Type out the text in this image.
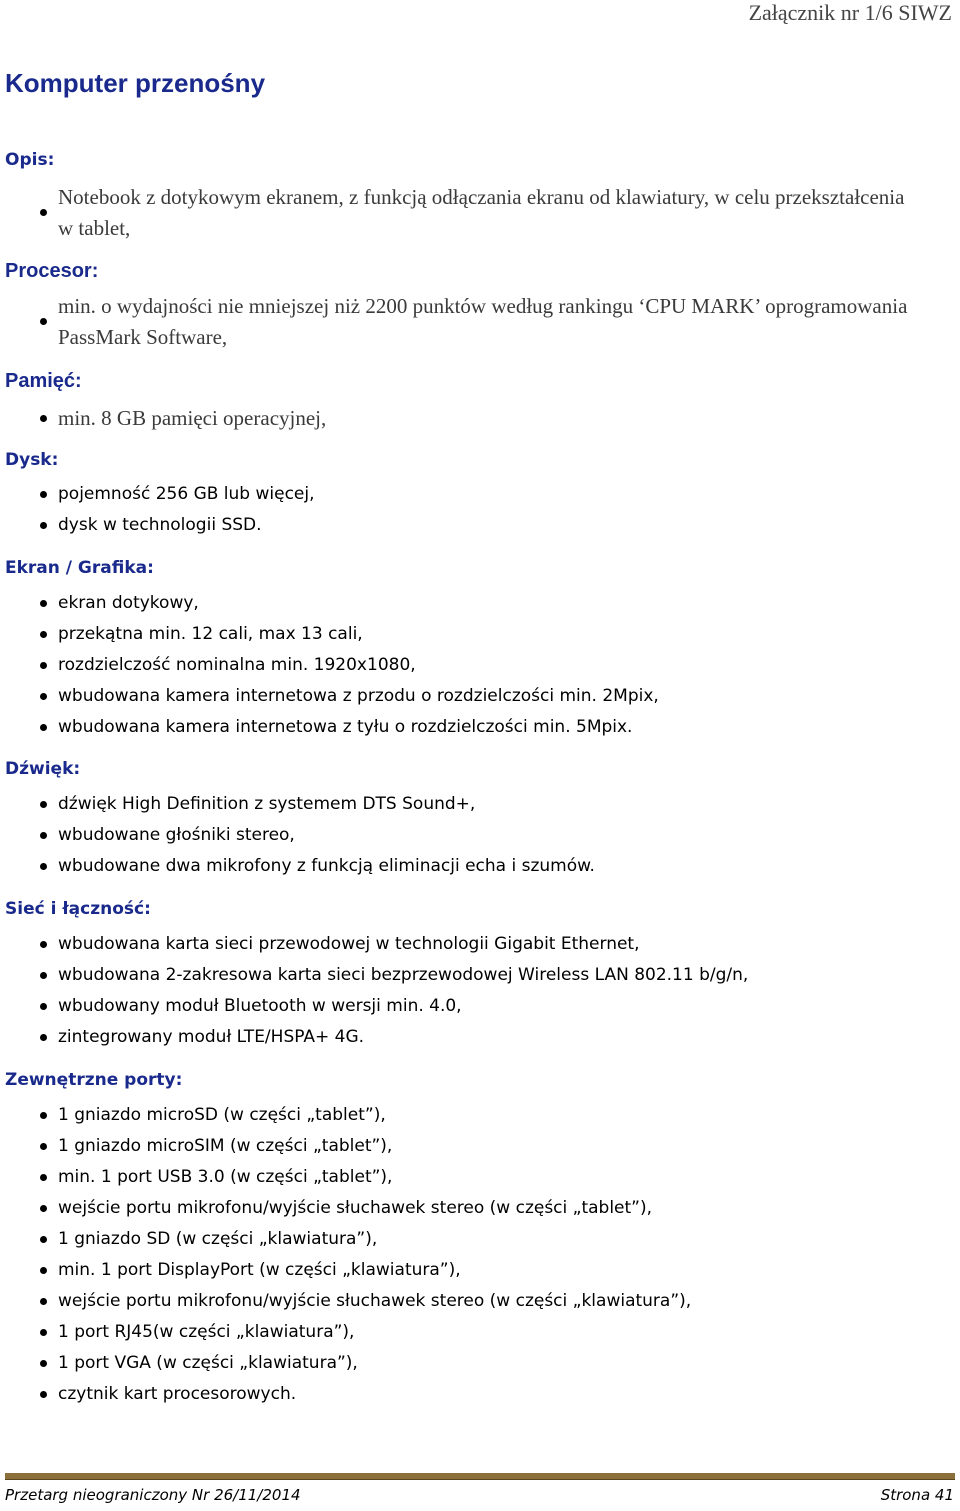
Załącznik nr 1/6 SIWZ
Komputer przenośny
Opis:
Notebook z dotykowym ekranem, z funkcją odłączania ekranu od klawiatury, w celu przekształcenia w tablet,
Procesor:
min. o wydajności nie mniejszej niż 2200 punktów według rankingu ‘CPU MARK’ oprogramowania PassMark Software,
Pamięć:
min. 8 GB pamięci operacyjnej,
Dysk:
pojemność 256 GB lub więcej,
dysk w technologii SSD.
Ekran / Grafika:
ekran dotykowy,
przekątna min. 12 cali, max 13 cali,
rozdzielczość nominalna min. 1920x1080,
wbudowana kamera internetowa z przodu o rozdzielczości min. 2Mpix,
wbudowana kamera internetowa z tyłu o rozdzielczości min. 5Mpix.
Dźwięk:
dźwięk High Definition z systemem DTS Sound+,
wbudowane głośniki stereo,
wbudowane dwa mikrofony z funkcją eliminacji echa i szumów.
Sieć i łączność:
wbudowana karta sieci przewodowej w technologii Gigabit Ethernet,
wbudowana 2-zakresowa karta sieci bezprzewodowej Wireless LAN 802.11 b/g/n,
wbudowany moduł Bluetooth w wersji min. 4.0,
zintegrowany moduł LTE/HSPA+ 4G.
Zewnętrzne porty:
1 gniazdo microSD (w części „tablet”),
1 gniazdo microSIM (w części „tablet”),
min. 1 port USB 3.0 (w części „tablet”),
wejście portu mikrofonu/wyjście słuchawek stereo (w części „tablet”),
1 gniazdo SD (w części „klawiatura”),
min. 1 port DisplayPort (w części „klawiatura”),
wejście portu mikrofonu/wyjście słuchawek stereo (w części „klawiatura”),
1 port RJ45(w części „klawiatura”),
1 port VGA (w części „klawiatura”),
czytnik kart procesorowych.
Przetarg nieograniczony Nr 26/11/2014	Strona 41
